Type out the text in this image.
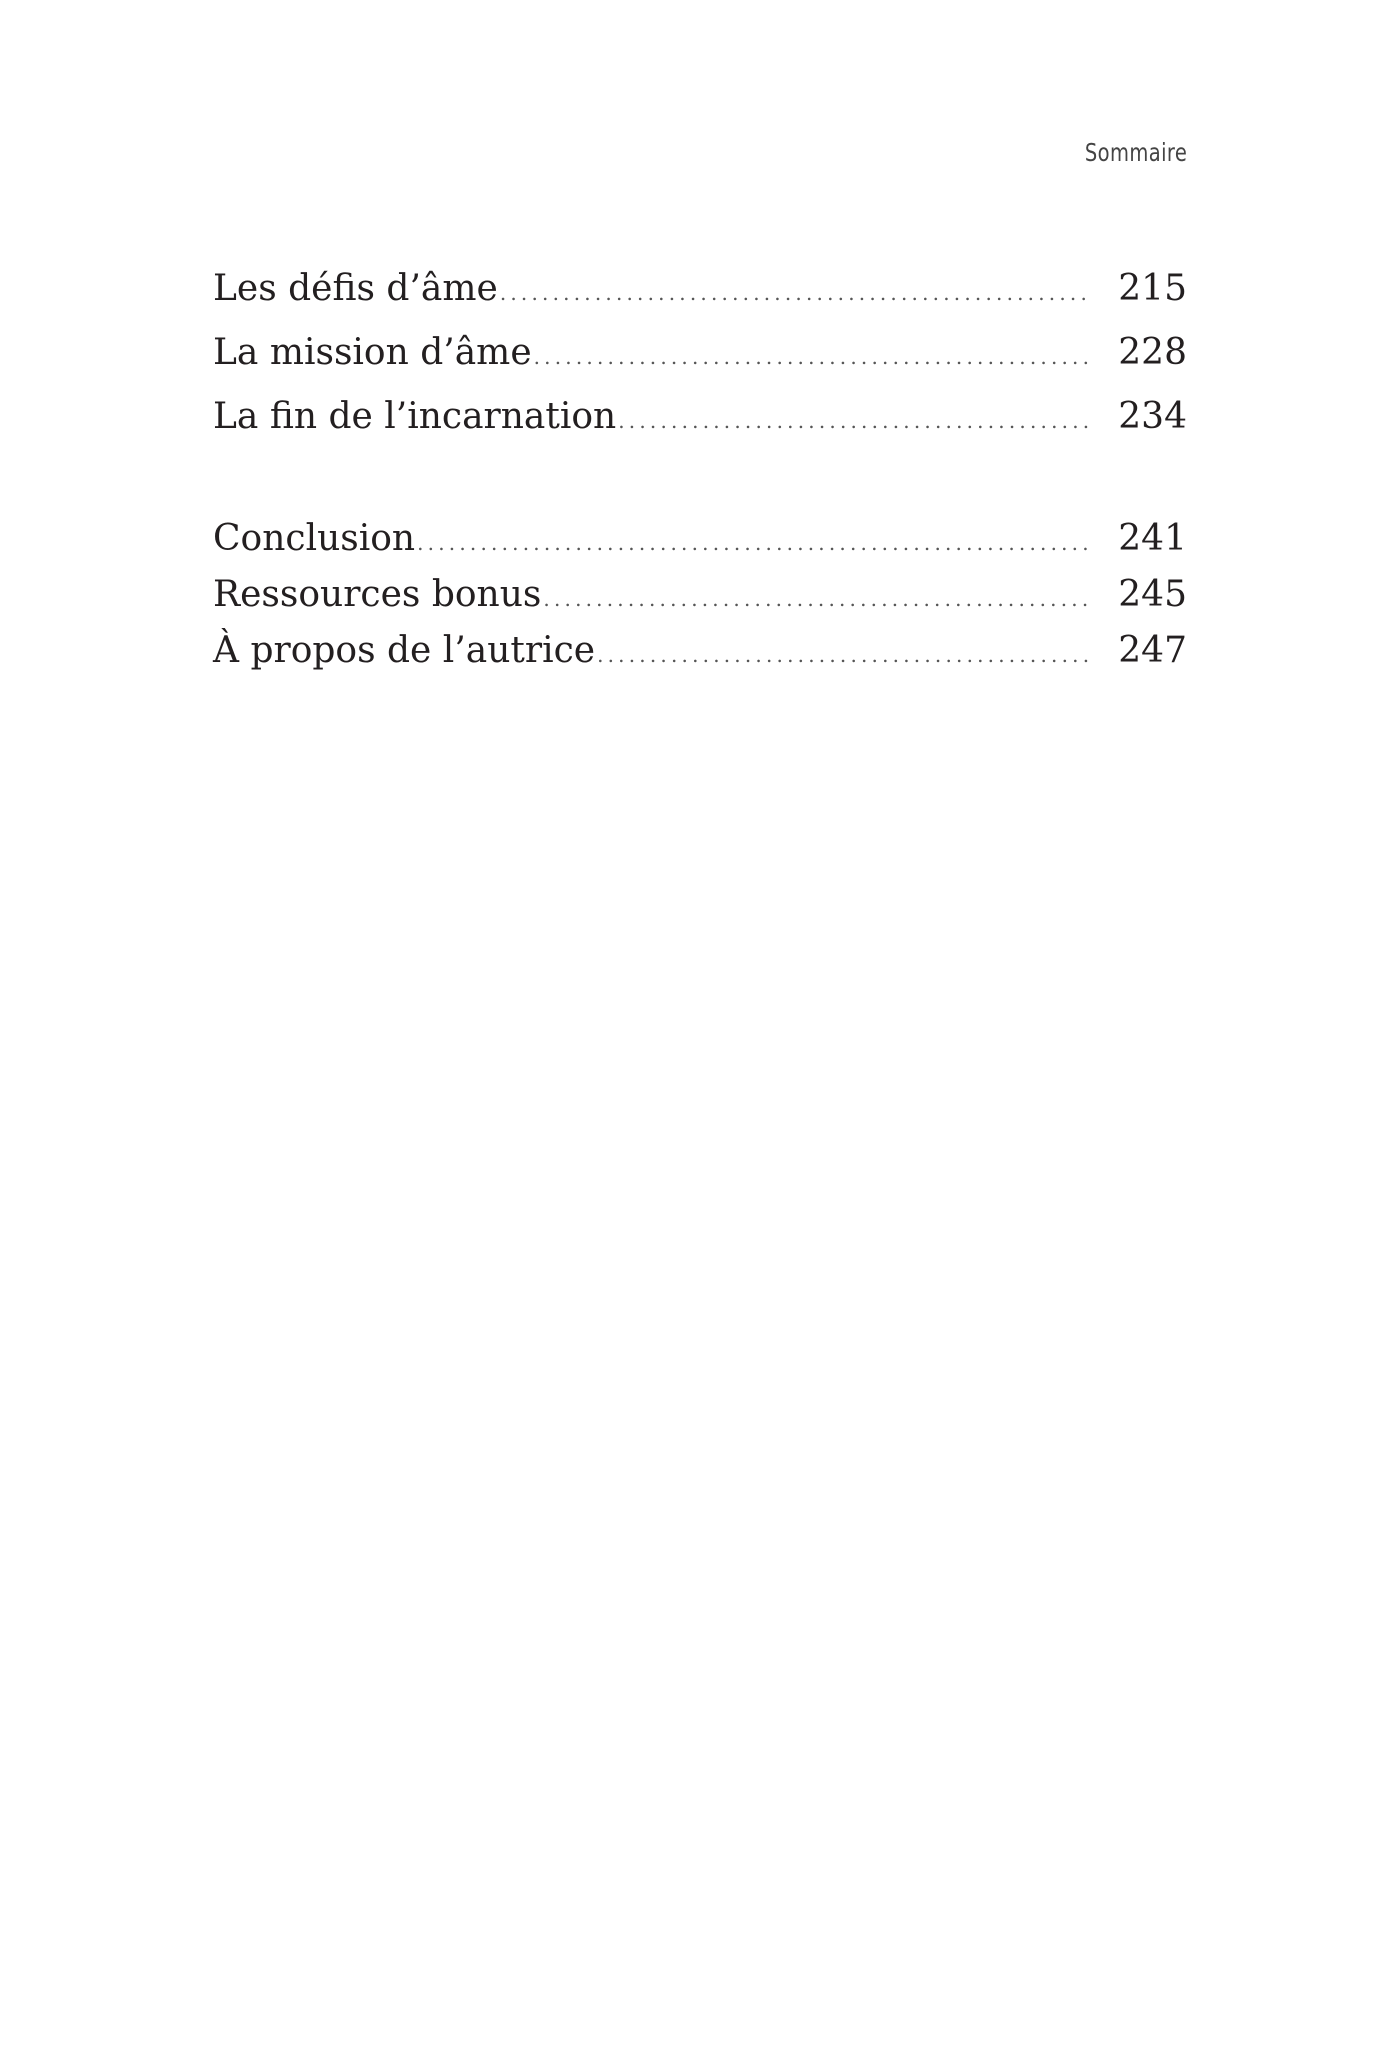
Sommaire
Les défis d’âme .....	215
La mission d’âme .....	228
La fin de l’incarnation .....	234
Conclusion .....	241
Ressources bonus .....	245
À propos de l’autrice .....	247
